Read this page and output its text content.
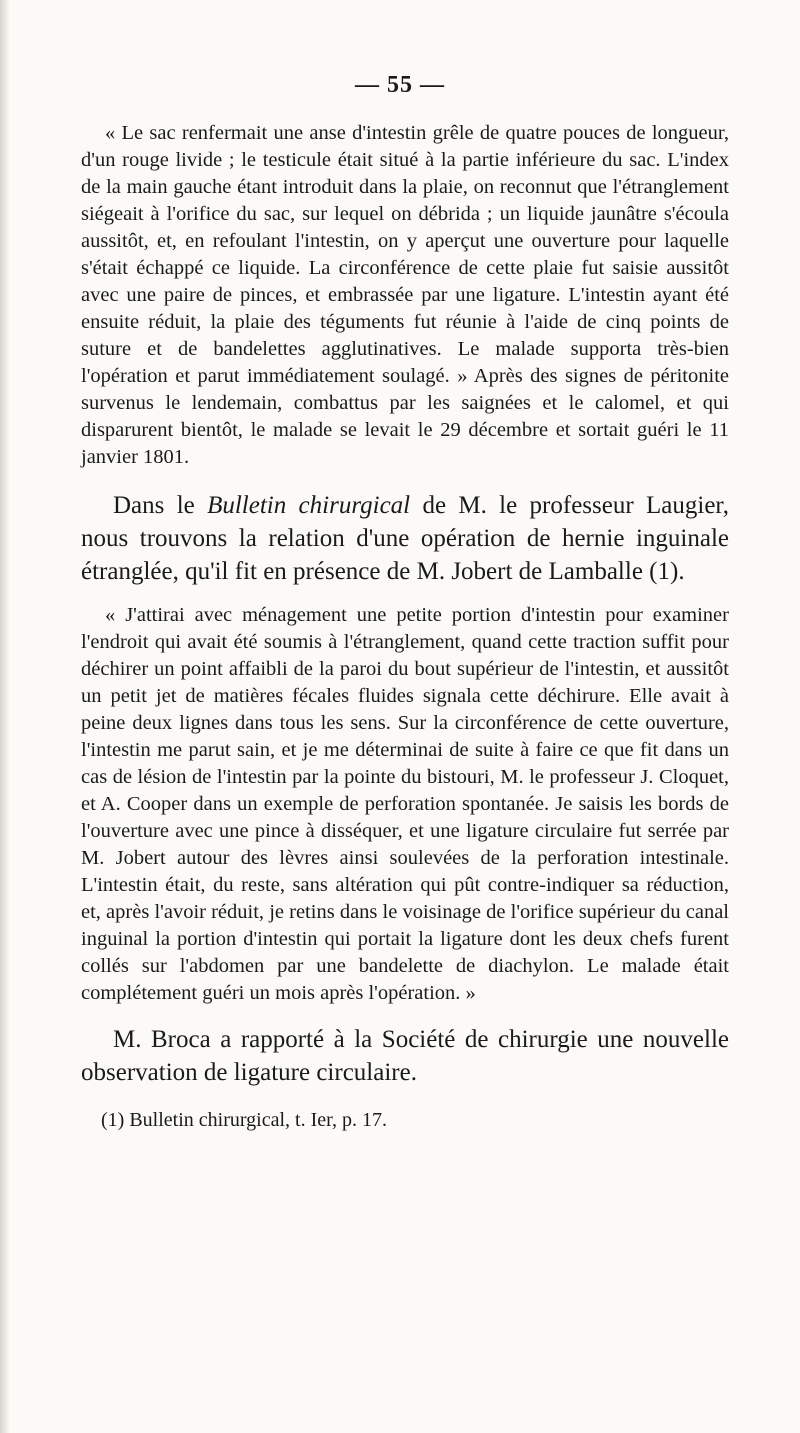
— 55 —

« Le sac renfermait une anse d'intestin grêle de quatre pouces de longueur, d'un rouge livide ; le testicule était situé à la partie inférieure du sac. L'index de la main gauche étant introduit dans la plaie, on reconnut que l'étranglement siégeait à l'orifice du sac, sur lequel on débrida ; un liquide jaunâtre s'écoula aussitôt, et, en refoulant l'intestin, on y aperçut une ouverture pour laquelle s'était échappé ce liquide. La circonférence de cette plaie fut saisie aussitôt avec une paire de pinces, et embrassée par une ligature. L'intestin ayant été ensuite réduit, la plaie des téguments fut réunie à l'aide de cinq points de suture et de bandelettes agglutinatives. Le malade supporta très-bien l'opération et parut immédiatement soulagé. » Après des signes de péritonite survenus le lendemain, combattus par les saignées et le calomel, et qui disparurent bientôt, le malade se levait le 29 décembre et sortait guéri le 11 janvier 1801.

Dans le Bulletin chirurgical de M. le professeur Laugier, nous trouvons la relation d'une opération de hernie inguinale étranglée, qu'il fit en présence de M. Jobert de Lamballe (1).

« J'attirai avec ménagement une petite portion d'intestin pour examiner l'endroit qui avait été soumis à l'étranglement, quand cette traction suffit pour déchirer un point affaibli de la paroi du bout supérieur de l'intestin, et aussitôt un petit jet de matières fécales fluides signala cette déchirure. Elle avait à peine deux lignes dans tous les sens. Sur la circonférence de cette ouverture, l'intestin me parut sain, et je me déterminai de suite à faire ce que fit dans un cas de lésion de l'intestin par la pointe du bistouri, M. le professeur J. Cloquet, et A. Cooper dans un exemple de perforation spontanée. Je saisis les bords de l'ouverture avec une pince à disséquer, et une ligature circulaire fut serrée par M. Jobert autour des lèvres ainsi soulevées de la perforation intestinale. L'intestin était, du reste, sans altération qui pût contre-indiquer sa réduction, et, après l'avoir réduit, je retins dans le voisinage de l'orifice supérieur du canal inguinal la portion d'intestin qui portait la ligature dont les deux chefs furent collés sur l'abdomen par une bandelette de diachylon. Le malade était complétement guéri un mois après l'opération. »

M. Broca a rapporté à la Société de chirurgie une nouvelle observation de ligature circulaire.

(1) Bulletin chirurgical, t. Ier, p. 17.
